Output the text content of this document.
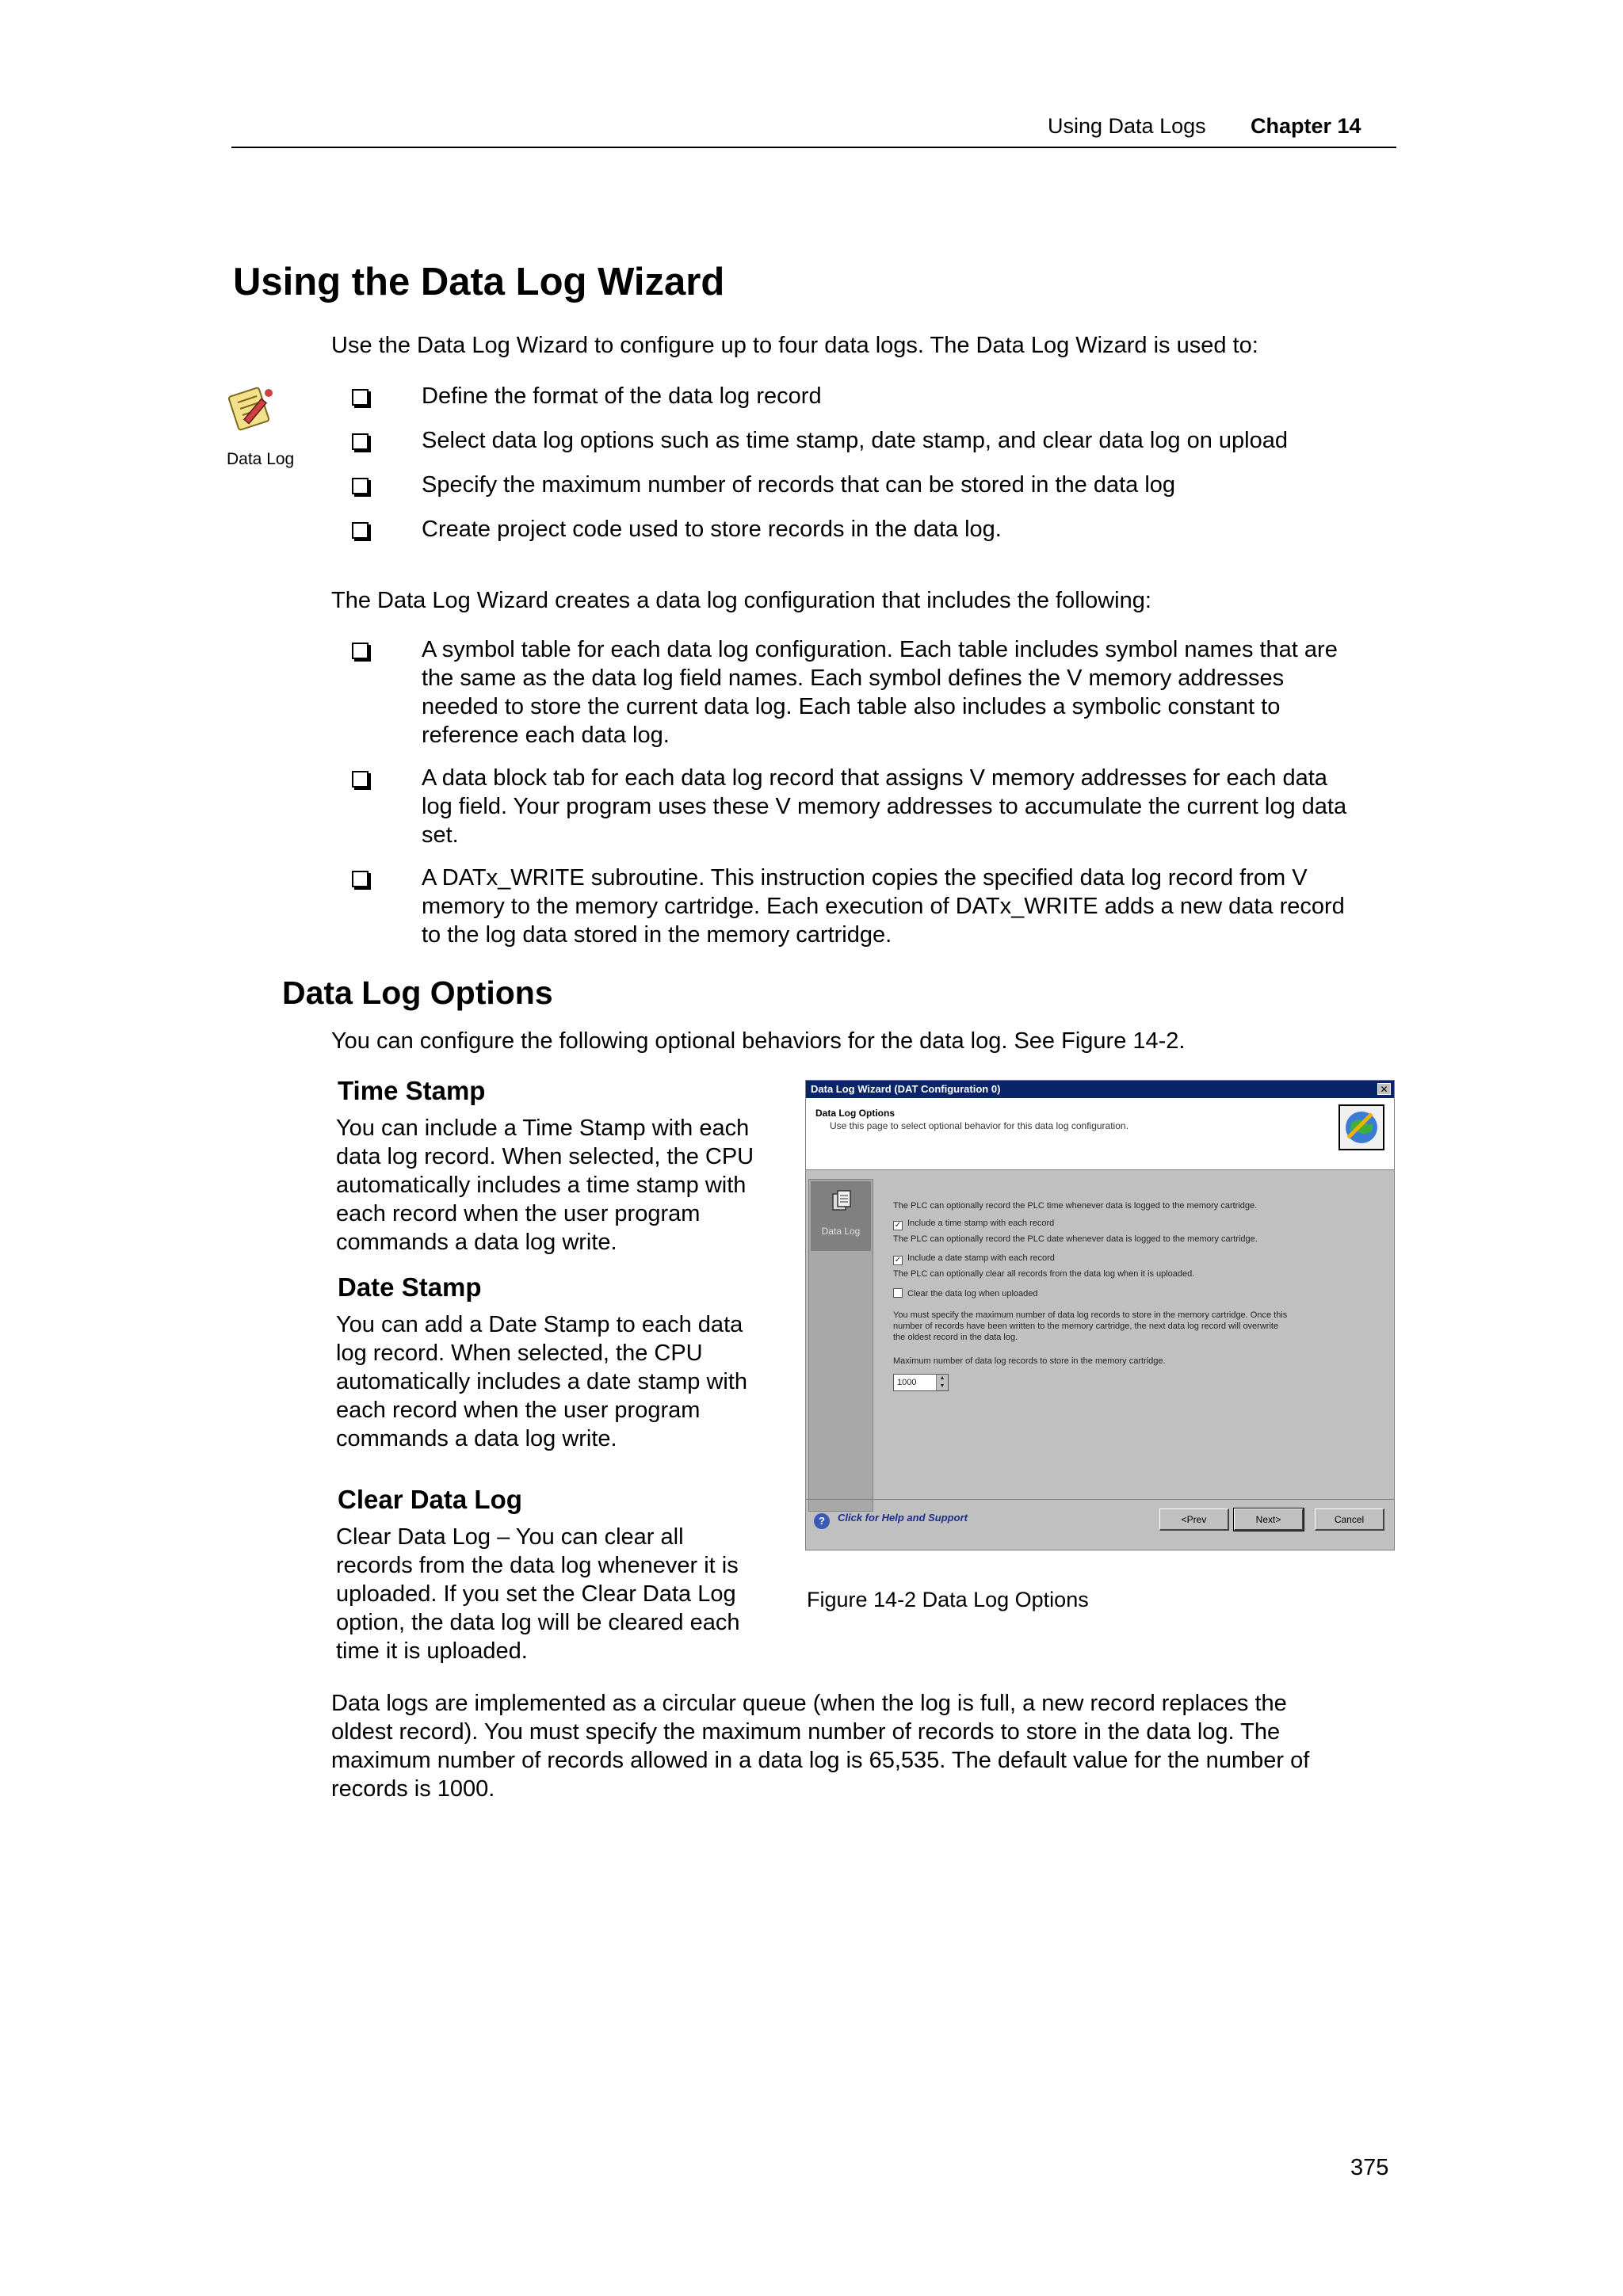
Using Data Logs Chapter 14
Using the Data Log Wizard
Use the Data Log Wizard to configure up to four data logs. The Data Log Wizard is used to:
Data Log
Define the format of the data log record
Select data log options such as time stamp, date stamp, and clear data log on upload
Specify the maximum number of records that can be stored in the data log
Create project code used to store records in the data log.
The Data Log Wizard creates a data log configuration that includes the following:
A symbol table for each data log configuration. Each table includes symbol names that are
the same as the data log field names. Each symbol defines the V memory addresses
needed to store the current data log. Each table also includes a symbolic constant to
reference each data log.
A data block tab for each data log record that assigns V memory addresses for each data
log field. Your program uses these V memory addresses to accumulate the current log data
set.
A DATx_WRITE subroutine. This instruction copies the specified data log record from V
memory to the memory cartridge. Each execution of DATx_WRITE adds a new data record
to the log data stored in the memory cartridge.
Data Log Options
You can configure the following optional behaviors for the data log. See Figure 14-2.
Time Stamp
You can include a Time Stamp with each
data log record. When selected, the CPU
automatically includes a time stamp with
each record when the user program
commands a data log write.
Date Stamp
You can add a Date Stamp to each data
log record. When selected, the CPU
automatically includes a date stamp with
each record when the user program
commands a data log write.
Clear Data Log
Clear Data Log – You can clear all
records from the data log whenever it is
uploaded. If you set the Clear Data Log
option, the data log will be cleared each
time it is uploaded.
Data Log Wizard (DAT Configuration 0)	✕
Data Log Options
Use this page to select optional behavior for this data log configuration.
Data Log
The PLC can optionally record the PLC time whenever data is logged to the memory cartridge.
✓ Include a time stamp with each record
The PLC can optionally record the PLC date whenever data is logged to the memory cartridge.
✓ Include a date stamp with each record
The PLC can optionally clear all records from the data log when it is uploaded.
Clear the data log when uploaded
You must specify the maximum number of data log records to store in the memory cartridge. Once this
number of records have been written to the memory cartridge, the next data log record will overwrite
the oldest record in the data log.
Maximum number of data log records to store in the memory cartridge.
1000	▲
▼
? Click for Help and Support	<Prev	Next>	Cancel
Figure 14-2 Data Log Options
Data logs are implemented as a circular queue (when the log is full, a new record replaces the
oldest record). You must specify the maximum number of records to store in the data log. The
maximum number of records allowed in a data log is 65,535. The default value for the number of
records is 1000.
375
